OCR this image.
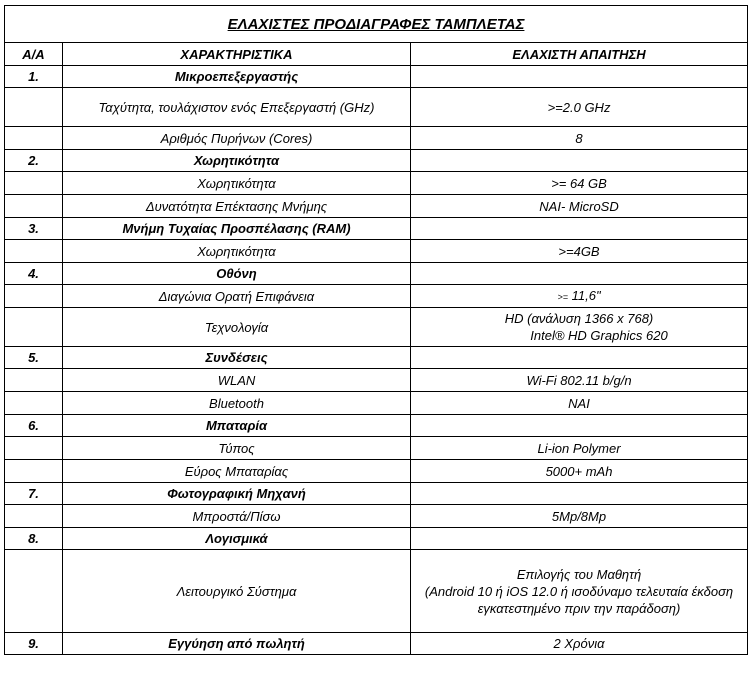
ΕΛΑΧΙΣΤΕΣ ΠΡΟΔΙΑΓΡΑΦΕΣ ΤΑΜΠΛΕΤΑΣ		
Α/Α	ΧΑΡΑΚΤΗΡΙΣΤΙΚΑ	ΕΛΑΧΙΣΤΗ ΑΠΑΙΤΗΣΗ
1.	Μικροεπεξεργαστής	
	Ταχύτητα, τουλάχιστον ενός Επεξεργαστή (GHz)	>=2.0 GHz
	Αριθμός Πυρήνων (Cores)	8
2.	Χωρητικότητα	
	Χωρητικότητα	>= 64 GB
	Δυνατότητα Επέκτασης Μνήμης	ΝΑΙ- MicroSD
3.	Μνήμη Τυχαίας Προσπέλασης (RAM)	
	Χωρητικότητα	>=4GB
4.	Οθόνη	
	Διαγώνια Ορατή Επιφάνεια	>= 11,6"
	Τεχνολογία	HD (ανάλυση 1366 x 768)
Intel® HD Graphics 620

5.	Συνδέσεις	
	WLAN	Wi-Fi 802.11 b/g/n
	Bluetooth	ΝΑΙ
6.	Μπαταρία	
	Τύπος	Li-ion Polymer
	Εύρος Μπαταρίας	5000+ mAh
7.	Φωτογραφική Μηχανή	
	Μπροστά/Πίσω	5Mp/8Mp
8.	Λογισμικά	
	Λειτουργικό Σύστημα	Επιλογής του Μαθητή
(Android 10 ή iOS 12.0 ή ισοδύναμο τελευταία έκδοση εγκατεστημένο πριν την παράδοση)

9.	Εγγύηση από πωλητή	2 Χρόνια
